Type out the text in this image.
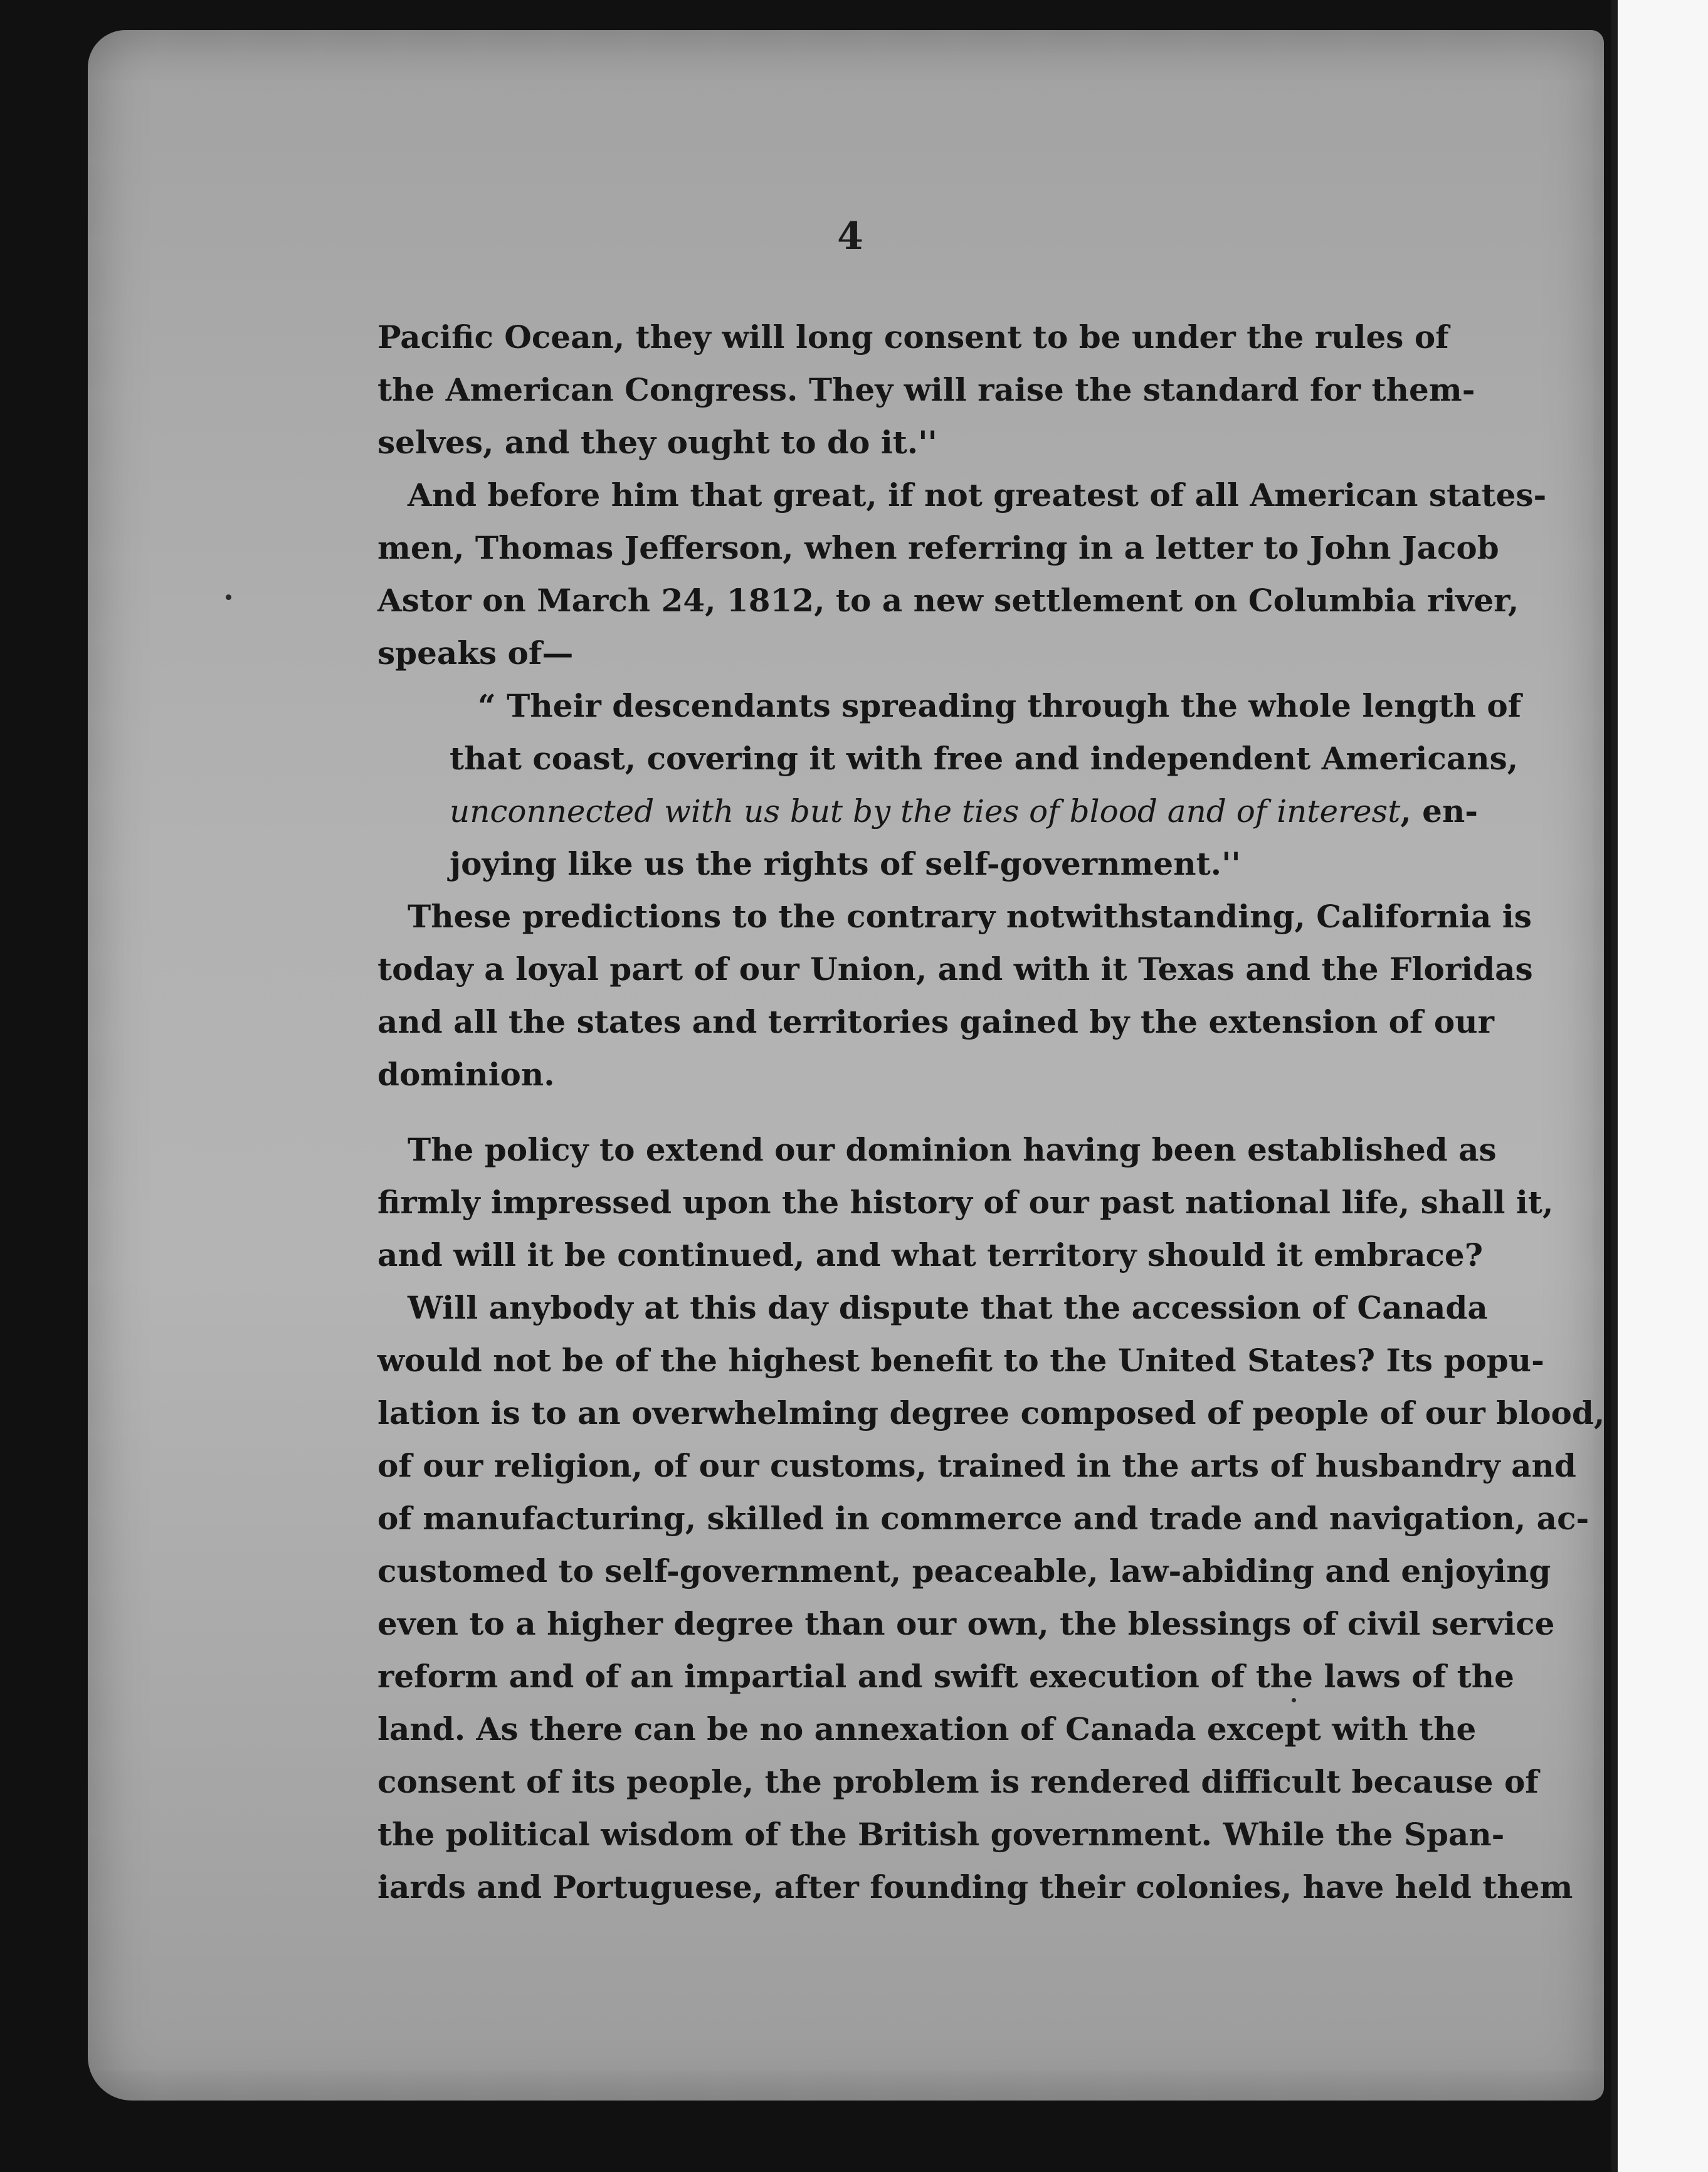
4
Pacific Ocean, they will long consent to be under the rules of
the American Congress. They will raise the standard for them-
selves, and they ought to do it.''
And before him that great, if not greatest of all American states-
men, Thomas Jefferson, when referring in a letter to John Jacob
Astor on March 24, 1812, to a new settlement on Columbia river,
speaks of—
“ Their descendants spreading through the whole length of
that coast, covering it with free and independent Americans,
unconnected with us but by the ties of blood and of interest, en-
joying like us the rights of self-government.''
These predictions to the contrary notwithstanding, California is
today a loyal part of our Union, and with it Texas and the Floridas
and all the states and territories gained by the extension of our
dominion.
The policy to extend our dominion having been established as
firmly impressed upon the history of our past national life, shall it,
and will it be continued, and what territory should it embrace?
Will anybody at this day dispute that the accession of Canada
would not be of the highest benefit to the United States? Its popu-
lation is to an overwhelming degree composed of people of our blood,
of our religion, of our customs, trained in the arts of husbandry and
of manufacturing, skilled in commerce and trade and navigation, ac-
customed to self-government, peaceable, law-abiding and enjoying
even to a higher degree than our own, the blessings of civil service
reform and of an impartial and swift execution of the laws of the
land. As there can be no annexation of Canada except with the
consent of its people, the problem is rendered difficult because of
the political wisdom of the British government. While the Span-
iards and Portuguese, after founding their colonies, have held them
